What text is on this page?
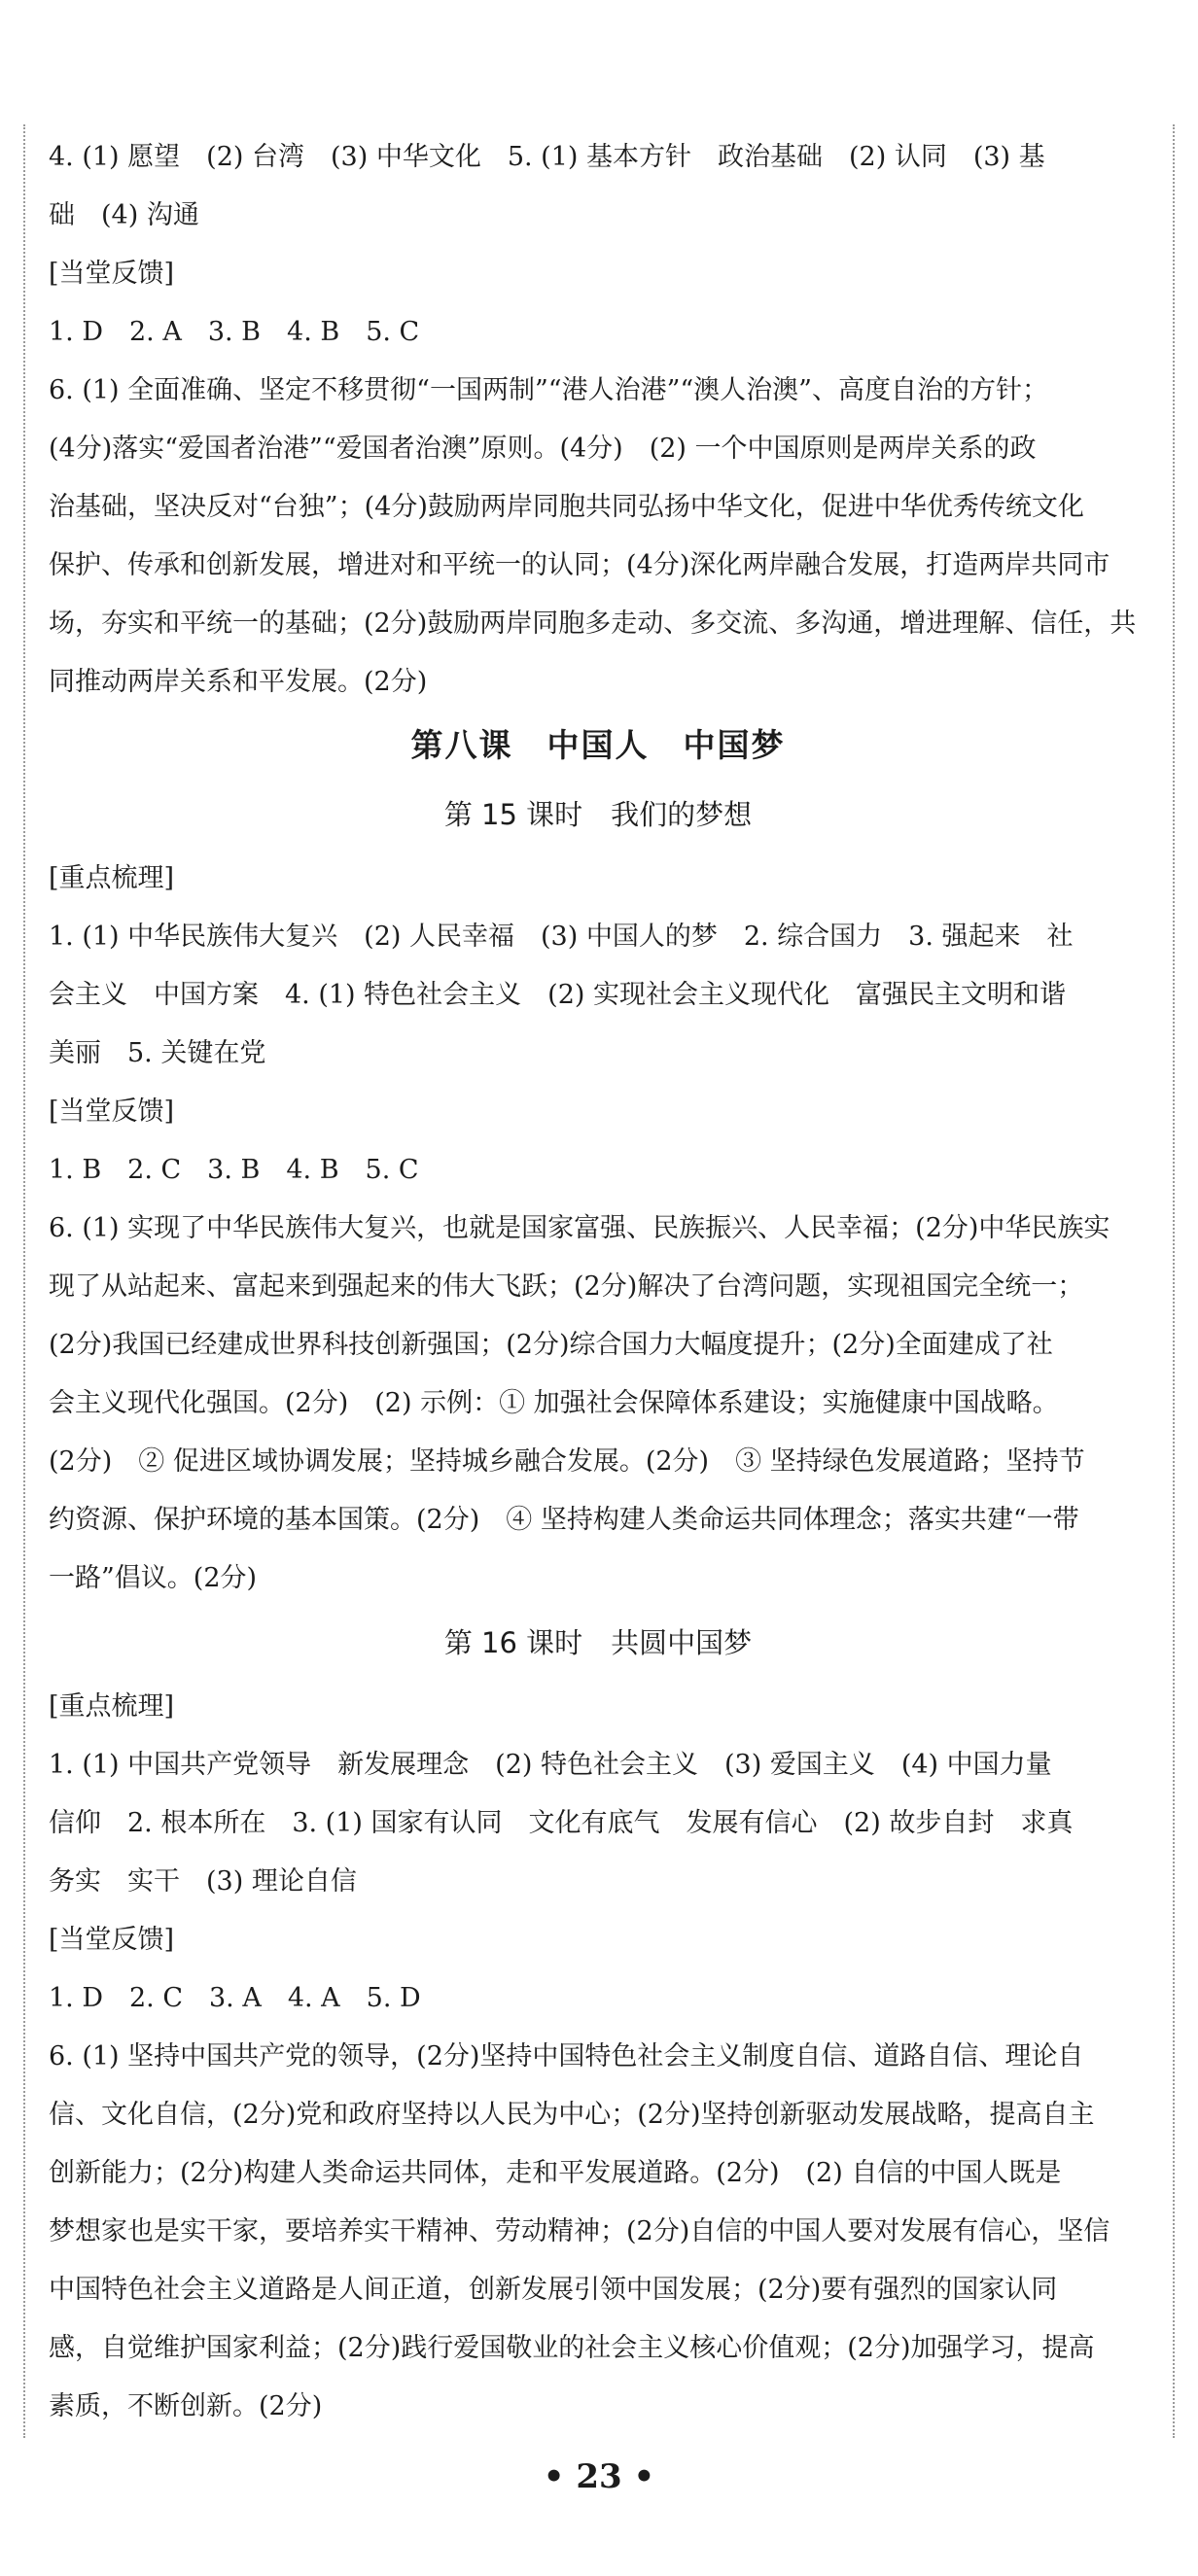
4. (1) 愿望　(2) 台湾　(3) 中华文化　5. (1) 基本方针　政治基础　(2) 认同　(3) 基

础　(4) 沟通

[当堂反馈]

1. D　2. A　3. B　4. B　5. C

6. (1) 全面准确、坚定不移贯彻“一国两制”“港人治港”“澳人治澳”、高度自治的方针；

(4分)落实“爱国者治港”“爱国者治澳”原则。(4分)　(2) 一个中国原则是两岸关系的政

治基础，坚决反对“台独”；(4分)鼓励两岸同胞共同弘扬中华文化，促进中华优秀传统文化

保护、传承和创新发展，增进对和平统一的认同；(4分)深化两岸融合发展，打造两岸共同市

场，夯实和平统一的基础；(2分)鼓励两岸同胞多走动、多交流、多沟通，增进理解、信任，共

同推动两岸关系和平发展。(2分)

第八课　中国人　中国梦
第 15 课时　我们的梦想

[重点梳理]

1. (1) 中华民族伟大复兴　(2) 人民幸福　(3) 中国人的梦　2. 综合国力　3. 强起来　社

会主义　中国方案　4. (1) 特色社会主义　(2) 实现社会主义现代化　富强民主文明和谐

美丽　5. 关键在党

[当堂反馈]

1. B　2. C　3. B　4. B　5. C

6. (1) 实现了中华民族伟大复兴，也就是国家富强、民族振兴、人民幸福；(2分)中华民族实

现了从站起来、富起来到强起来的伟大飞跃；(2分)解决了台湾问题，实现祖国完全统一；

(2分)我国已经建成世界科技创新强国；(2分)综合国力大幅度提升；(2分)全面建成了社

会主义现代化强国。(2分)　(2) 示例：① 加强社会保障体系建设；实施健康中国战略。

(2分)　② 促进区域协调发展；坚持城乡融合发展。(2分)　③ 坚持绿色发展道路；坚持节

约资源、保护环境的基本国策。(2分)　④ 坚持构建人类命运共同体理念；落实共建“一带

一路”倡议。(2分)

第 16 课时　共圆中国梦

[重点梳理]

1. (1) 中国共产党领导　新发展理念　(2) 特色社会主义　(3) 爱国主义　(4) 中国力量

信仰　2. 根本所在　3. (1) 国家有认同　文化有底气　发展有信心　(2) 故步自封　求真

务实　实干　(3) 理论自信

[当堂反馈]

1. D　2. C　3. A　4. A　5. D

6. (1) 坚持中国共产党的领导，(2分)坚持中国特色社会主义制度自信、道路自信、理论自

信、文化自信，(2分)党和政府坚持以人民为中心；(2分)坚持创新驱动发展战略，提高自主

创新能力；(2分)构建人类命运共同体，走和平发展道路。(2分)　(2) 自信的中国人既是

梦想家也是实干家，要培养实干精神、劳动精神；(2分)自信的中国人要对发展有信心，坚信

中国特色社会主义道路是人间正道，创新发展引领中国发展；(2分)要有强烈的国家认同

感，自觉维护国家利益；(2分)践行爱国敬业的社会主义核心价值观；(2分)加强学习，提高

素质，不断创新。(2分)

• 23 •
